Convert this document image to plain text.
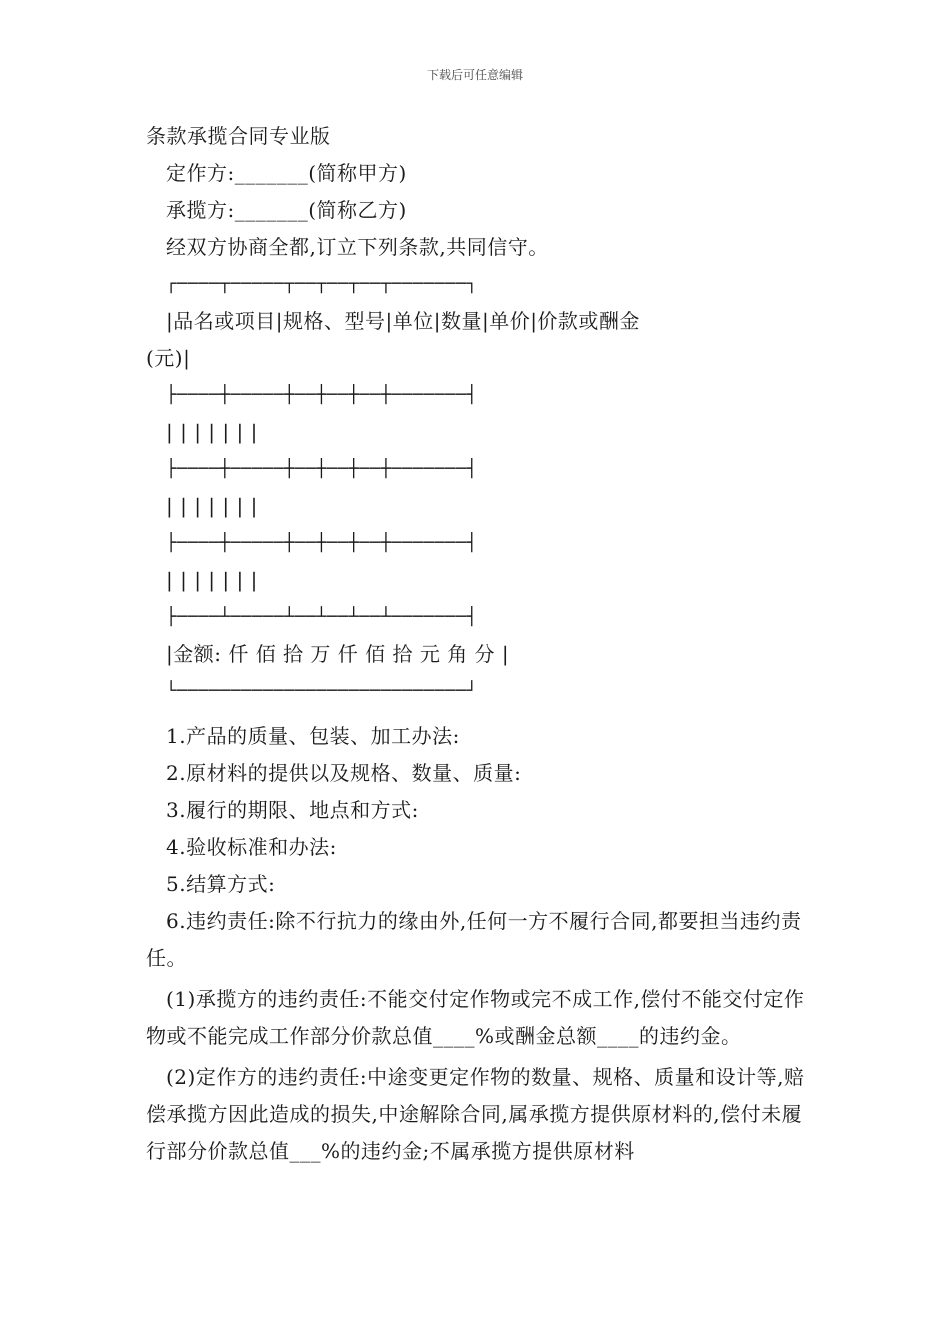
下载后可任意编辑
条款承揽合同专业版
定作方:_______(简称甲方)
承揽方:_______(简称乙方)
经双方协商全都,订立下列条款,共同信守。
┌────┬─────┬──┬──┬──┬───────┐
|品名或项目|规格、型号|单位|数量|单价|价款或酬金
(元)|
├────┼─────┼──┼──┼──┼───────┤
| | | | | | |
├────┼─────┼──┼──┼──┼───────┤
| | | | | | |
├────┼─────┼──┼──┼──┼───────┤
| | | | | | |
├────┴─────┴──┴──┴──┴───────┤
|金额: 仟 佰 拾 万 仟 佰 拾 元 角 分 |
└───────────────────────────┘
1.产品的质量、包装、加工办法:
2.原材料的提供以及规格、数量、质量:
3.履行的期限、地点和方式:
4.验收标准和办法:
5.结算方式:

6.违约责任:除不行抗力的缘由外,任何一方不履行合同,都要担当违约责任。

(1)承揽方的违约责任:不能交付定作物或完不成工作,偿付不能交付定作物或不能完成工作部分价款总值____%或酬金总额____的违约金。

(2)定作方的违约责任:中途变更定作物的数量、规格、质量和设计等,赔偿承揽方因此造成的损失,中途解除合同,属承揽方提供原材料的,偿付未履行部分价款总值___%的违约金;不属承揽方提供原材料
